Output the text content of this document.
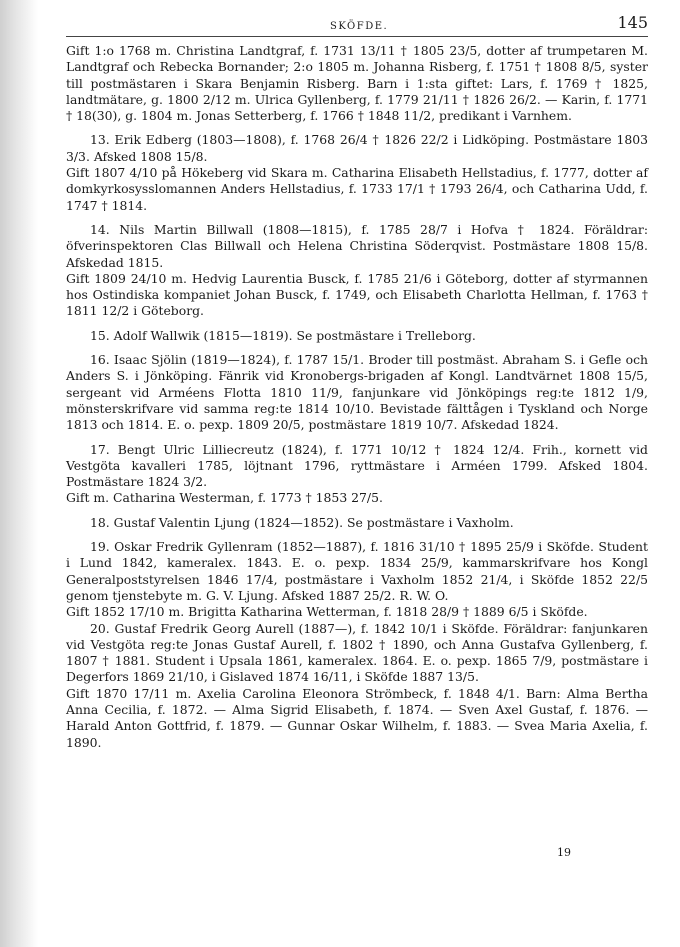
SKÖFDE.	145

Gift 1:o 1768 m. Christina Landtgraf, f. 1731 13/11 † 1805 23/5, dotter af trumpetaren M. Landtgraf och Rebecka Bornander; 2:o 1805 m. Johanna Risberg, f. 1751 † 1808 8/5, syster till postmästaren i Skara Benjamin Risberg. Barn i 1:sta giftet: Lars, f. 1769 † 1825, landtmätare, g. 1800 2/12 m. Ulrica Gyllenberg, f. 1779 21/11 † 1826 26/2. — Karin, f. 1771 † 18(30), g. 1804 m. Jonas Setterberg, f. 1766 † 1848 11/2, predikant i Varnhem.

13. Erik Edberg (1803—1808), f. 1768 26/4 † 1826 22/2 i Lidköping. Postmästare 1803 3/3. Afsked 1808 15/8.

Gift 1807 4/10 på Hökeberg vid Skara m. Catharina Elisabeth Hellstadius, f. 1777, dotter af domkyrkosysslomannen Anders Hellstadius, f. 1733 17/1 † 1793 26/4, och Catharina Udd, f. 1747 † 1814.

14. Nils Martin Billwall (1808—1815), f. 1785 28/7 i Hofva † 1824. Föräldrar: öfverinspektoren Clas Billwall och Helena Christina Söderqvist. Postmästare 1808 15/8. Afskedad 1815.

Gift 1809 24/10 m. Hedvig Laurentia Busck, f. 1785 21/6 i Göteborg, dotter af styrmannen hos Ostindiska kompaniet Johan Busck, f. 1749, och Elisabeth Charlotta Hellman, f. 1763 † 1811 12/2 i Göteborg.

15. Adolf Wallwik (1815—1819). Se postmästare i Trelleborg.

16. Isaac Sjölin (1819—1824), f. 1787 15/1. Broder till postmäst. Abraham S. i Gefle och Anders S. i Jönköping. Fänrik vid Kronobergs-brigaden af Kongl. Landtvärnet 1808 15/5, sergeant vid Arméens Flotta 1810 11/9, fanjunkare vid Jönköpings reg:te 1812 1/9, mönsterskrifvare vid samma reg:te 1814 10/10. Bevistade fälttågen i Tyskland och Norge 1813 och 1814. E. o. pexp. 1809 20/5, postmästare 1819 10/7. Afskedad 1824.

17. Bengt Ulric Lilliecreutz (1824), f. 1771 10/12 † 1824 12/4. Frih., kornett vid Vestgöta kavalleri 1785, löjtnant 1796, ryttmästare i Arméen 1799. Afsked 1804. Postmästare 1824 3/2.

Gift m. Catharina Westerman, f. 1773 † 1853 27/5.

18. Gustaf Valentin Ljung (1824—1852). Se postmästare i Vaxholm.

19. Oskar Fredrik Gyllenram (1852—1887), f. 1816 31/10 † 1895 25/9 i Sköfde. Student i Lund 1842, kameralex. 1843. E. o. pexp. 1834 25/9, kammarskrifvare hos Kongl Generalpoststyrelsen 1846 17/4, postmästare i Vaxholm 1852 21/4, i Sköfde 1852 22/5 genom tjenstebyte m. G. V. Ljung. Afsked 1887 25/2. R. W. O.

Gift 1852 17/10 m. Brigitta Katharina Wetterman, f. 1818 28/9 † 1889 6/5 i Sköfde.

20. Gustaf Fredrik Georg Aurell (1887—), f. 1842 10/1 i Sköfde. Föräldrar: fanjunkaren vid Vestgöta reg:te Jonas Gustaf Aurell, f. 1802 † 1890, och Anna Gustafva Gyllenberg, f. 1807 † 1881. Student i Upsala 1861, kameralex. 1864. E. o. pexp. 1865 7/9, postmästare i Degerfors 1869 21/10, i Gislaved 1874 16/11, i Sköfde 1887 13/5.

Gift 1870 17/11 m. Axelia Carolina Eleonora Strömbeck, f. 1848 4/1. Barn: Alma Bertha Anna Cecilia, f. 1872. — Alma Sigrid Elisabeth, f. 1874. — Sven Axel Gustaf, f. 1876. — Harald Anton Gottfrid, f. 1879. — Gunnar Oskar Wilhelm, f. 1883. — Svea Maria Axelia, f. 1890.

19
